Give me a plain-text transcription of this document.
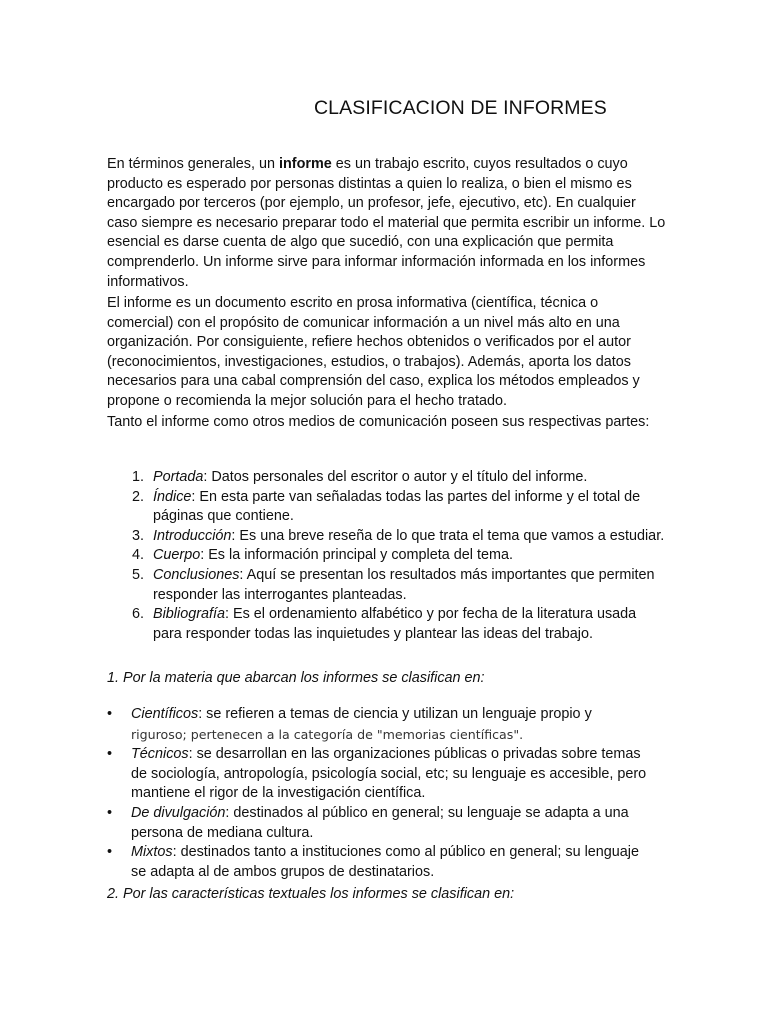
CLASIFICACION DE INFORMES

En términos generales, un informe es un trabajo escrito, cuyos resultados o cuyo producto es esperado por personas distintas a quien lo realiza, o bien el mismo es encargado por terceros (por ejemplo, un profesor, jefe, ejecutivo, etc). En cualquier caso siempre es necesario preparar todo el material que permita escribir un informe. Lo esencial es darse cuenta de algo que sucedió, con una explicación que permita comprenderlo. Un informe sirve para informar información informada en los informes informativos.

El informe es un documento escrito en prosa informativa (científica, técnica o comercial) con el propósito de comunicar información a un nivel más alto en una organización. Por consiguiente, refiere hechos obtenidos o verificados por el autor (reconocimientos, investigaciones, estudios, o trabajos). Además, aporta los datos necesarios para una cabal comprensión del caso, explica los métodos empleados y propone o recomienda la mejor solución para el hecho tratado.

Tanto el informe como otros medios de comunicación poseen sus respectivas partes:

1. Portada: Datos personales del escritor o autor y el título del informe.
2. Índice: En esta parte van señaladas todas las partes del informe y el total de páginas que contiene.
3. Introducción: Es una breve reseña de lo que trata el tema que vamos a estudiar.
4. Cuerpo: Es la información principal y completa del tema.
5. Conclusiones: Aquí se presentan los resultados más importantes que permiten responder las interrogantes planteadas.
6. Bibliografía: Es el ordenamiento alfabético y por fecha de la literatura usada para responder todas las inquietudes y plantear las ideas del trabajo.

1. Por la materia que abarcan los informes se clasifican en:

• Científicos: se refieren a temas de ciencia y utilizan un lenguaje propio y riguroso; pertenecen a la categoría de "memorias científicas".
• Técnicos: se desarrollan en las organizaciones públicas o privadas sobre temas de sociología, antropología, psicología social, etc; su lenguaje es accesible, pero mantiene el rigor de la investigación científica.
• De divulgación: destinados al público en general; su lenguaje se adapta a una persona de mediana cultura.
• Mixtos: destinados tanto a instituciones como al público en general; su lenguaje se adapta al de ambos grupos de destinatarios.

2. Por las características textuales los informes se clasifican en:
